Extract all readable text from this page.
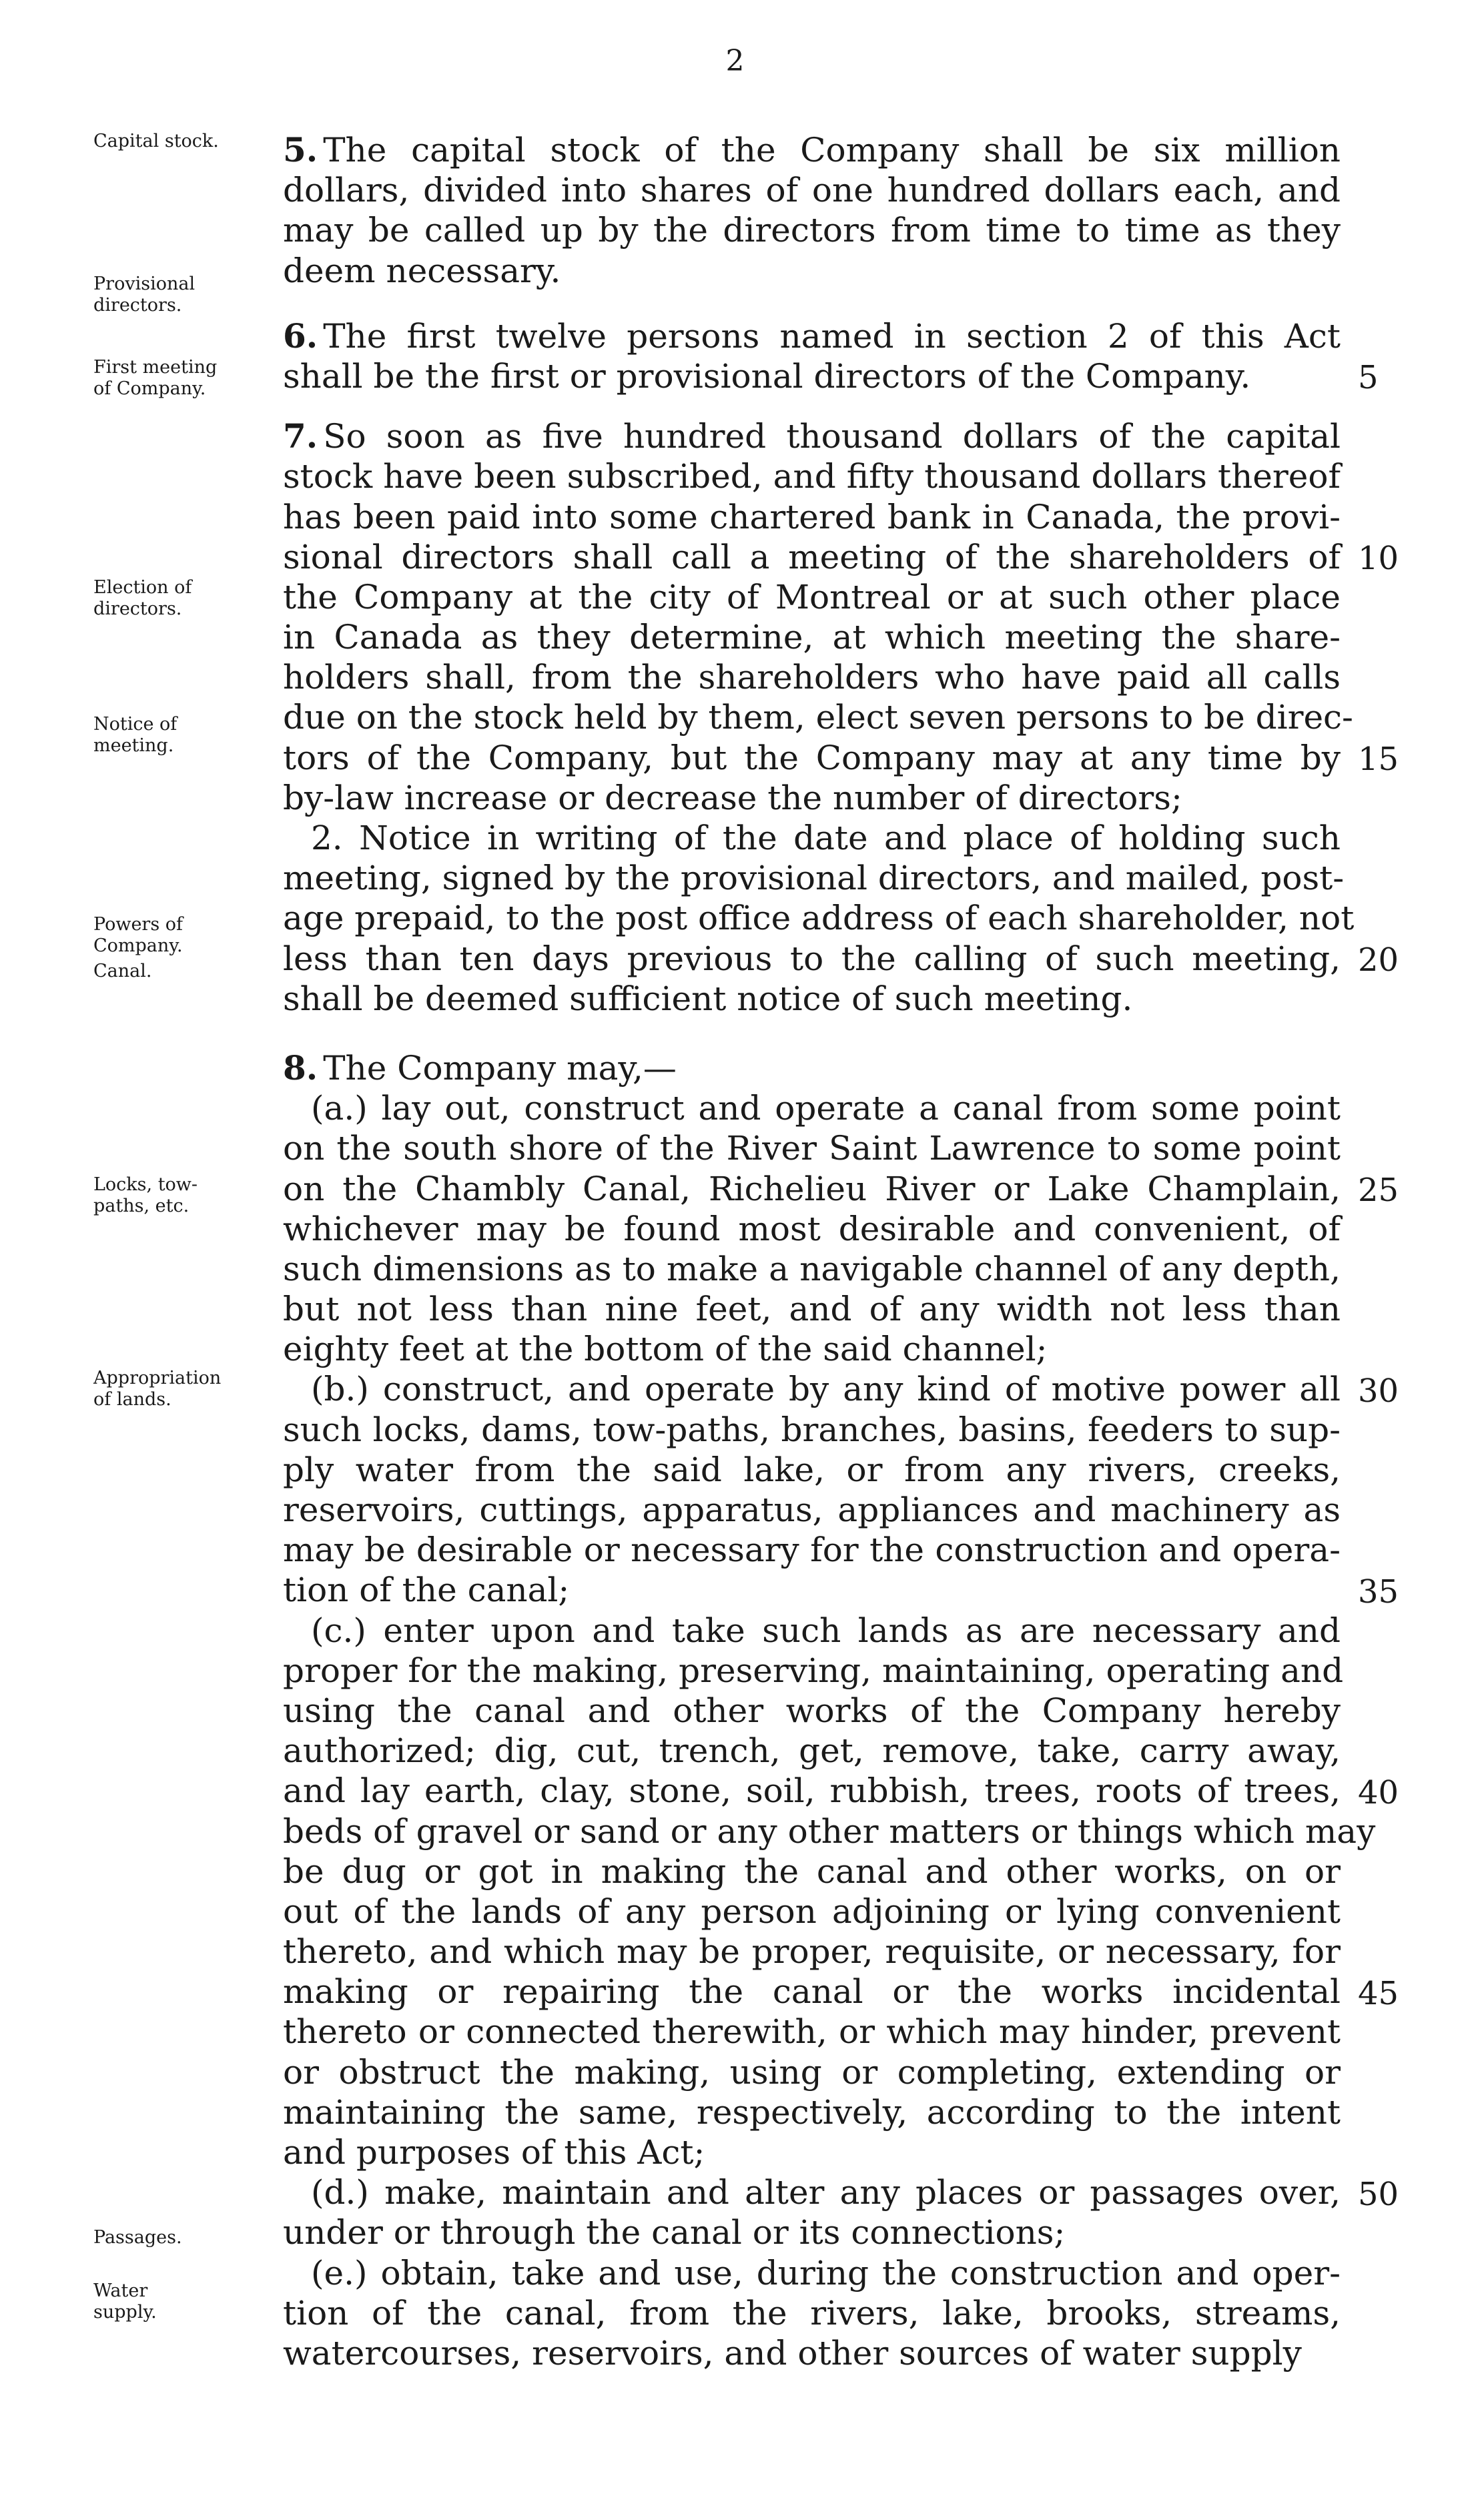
2
5. The capital stock of the Company shall be six million
dollars, divided into shares of one hundred dollars each, and
may be called up by the directors from time to time as they
deem necessary.
6. The first twelve persons named in section 2 of this Act
shall be the first or provisional directors of the Company.
7. So soon as five hundred thousand dollars of the capital
stock have been subscribed, and fifty thousand dollars thereof
has been paid into some chartered bank in Canada, the provi-
sional directors shall call a meeting of the shareholders of
the Company at the city of Montreal or at such other place
in Canada as they determine, at which meeting the share-
holders shall, from the shareholders who have paid all calls
due on the stock held by them, elect seven persons to be direc-
tors of the Company, but the Company may at any time by
by-law increase or decrease the number of directors;
2. Notice in writing of the date and place of holding such
meeting, signed by the provisional directors, and mailed, post-
age prepaid, to the post office address of each shareholder, not
less than ten days previous to the calling of such meeting,
shall be deemed sufficient notice of such meeting.
8. The Company may,—
(a.) lay out, construct and operate a canal from some point
on the south shore of the River Saint Lawrence to some point
on the Chambly Canal, Richelieu River or Lake Champlain,
whichever may be found most desirable and convenient, of
such dimensions as to make a navigable channel of any depth,
but not less than nine feet, and of any width not less than
eighty feet at the bottom of the said channel;
(b.) construct, and operate by any kind of motive power all
such locks, dams, tow-paths, branches, basins, feeders to sup-
ply water from the said lake, or from any rivers, creeks,
reservoirs, cuttings, apparatus, appliances and machinery as
may be desirable or necessary for the construction and opera-
tion of the canal;
(c.) enter upon and take such lands as are necessary and
proper for the making, preserving, maintaining, operating and
using the canal and other works of the Company hereby
authorized; dig, cut, trench, get, remove, take, carry away,
and lay earth, clay, stone, soil, rubbish, trees, roots of trees,
beds of gravel or sand or any other matters or things which may
be dug or got in making the canal and other works, on or
out of the lands of any person adjoining or lying convenient
thereto, and which may be proper, requisite, or necessary, for
making or repairing the canal or the works incidental
thereto or connected therewith, or which may hinder, prevent
or obstruct the making, using or completing, extending or
maintaining the same, respectively, according to the intent
and purposes of this Act;
(d.) make, maintain and alter any places or passages over,
under or through the canal or its connections;
(e.) obtain, take and use, during the construction and oper-
tion of the canal, from the rivers, lake, brooks, streams,
watercourses, reservoirs, and other sources of water supply
5
10
15
20
25
30
35
40
45
50
Capital stock.
Provisional
directors.
First meeting
of Company.
Election of
directors.
Notice of
meeting.
Powers of
Company.
Canal.
Locks, tow-
paths, etc.
Appropriation
of lands.
Passages.
Water
supply.
